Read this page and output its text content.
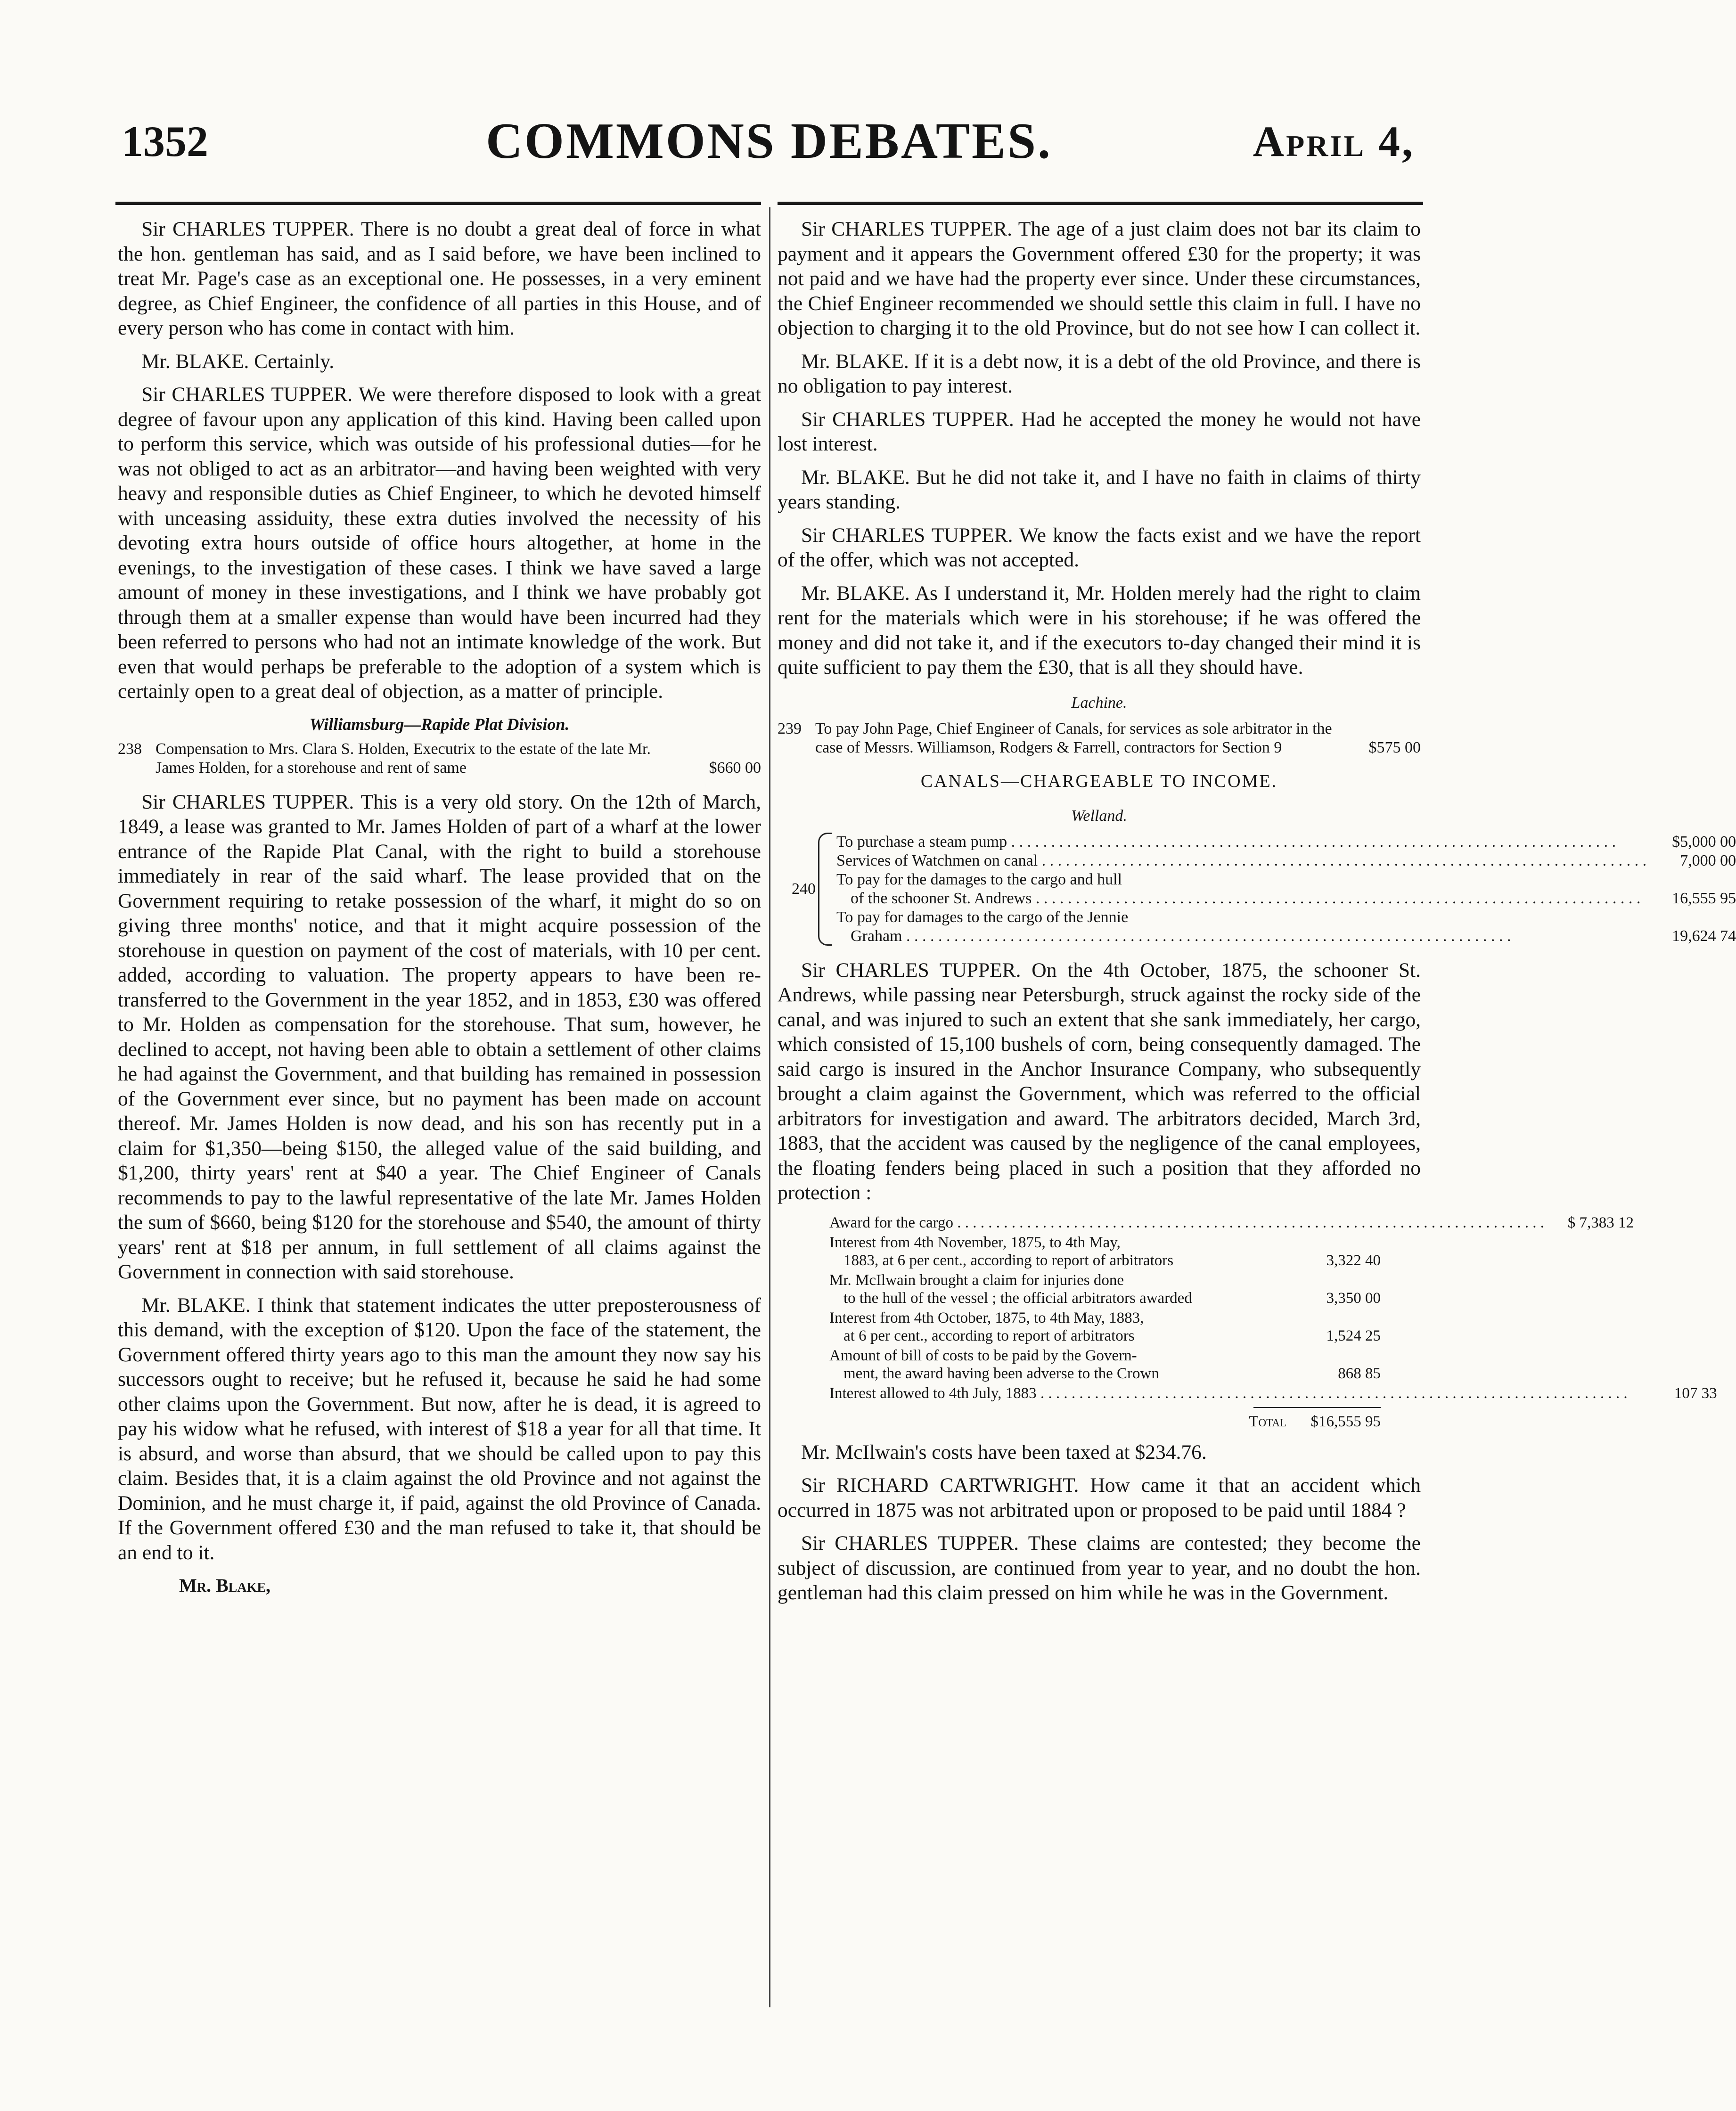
1352	COMMONS DEBATES.	April 4,

Sir CHARLES TUPPER. There is no doubt a great deal of force in what the hon. gentleman has said, and as I said before, we have been inclined to treat Mr. Page's case as an exceptional one. He possesses, in a very eminent degree, as Chief Engineer, the confidence of all parties in this House, and of every person who has come in contact with him.

Mr. BLAKE. Certainly.

Sir CHARLES TUPPER. We were therefore disposed to look with a great degree of favour upon any application of this kind. Having been called upon to perform this service, which was outside of his professional duties—for he was not obliged to act as an arbitrator—and having been weighted with very heavy and responsible duties as Chief Engineer, to which he devoted himself with unceasing assiduity, these extra duties involved the necessity of his devoting extra hours outside of office hours altogether, at home in the evenings, to the investigation of these cases. I think we have saved a large amount of money in these investigations, and I think we have probably got through them at a smaller expense than would have been incurred had they been referred to persons who had not an intimate knowledge of the work. But even that would perhaps be preferable to the adoption of a system which is certainly open to a great deal of objection, as a matter of principle.

Williamsburg—Rapide Plat Division.
238 Compensation to Mrs. Clara S. Holden, Executrix to the estate of the late Mr. James Holden, for a storehouse and rent of same	$660 00

Sir CHARLES TUPPER. This is a very old story. On the 12th of March, 1849, a lease was granted to Mr. James Holden of part of a wharf at the lower entrance of the Rapide Plat Canal, with the right to build a storehouse immediately in rear of the said wharf. The lease provided that on the Government requiring to retake possession of the wharf, it might do so on giving three months' notice, and that it might acquire possession of the storehouse in question on payment of the cost of materials, with 10 per cent. added, according to valuation. The property appears to have been re-transferred to the Government in the year 1852, and in 1853, £30 was offered to Mr. Holden as compensation for the storehouse. That sum, however, he declined to accept, not having been able to obtain a settlement of other claims he had against the Government, and that building has remained in possession of the Government ever since, but no payment has been made on account thereof. Mr. James Holden is now dead, and his son has recently put in a claim for $1,350—being $150, the alleged value of the said building, and $1,200, thirty years' rent at $40 a year. The Chief Engineer of Canals recommends to pay to the lawful representative of the late Mr. James Holden the sum of $660, being $120 for the storehouse and $540, the amount of thirty years' rent at $18 per annum, in full settlement of all claims against the Government in connection with said storehouse.

Mr. BLAKE. I think that statement indicates the utter preposterousness of this demand, with the exception of $120. Upon the face of the statement, the Government offered thirty years ago to this man the amount they now say his successors ought to receive; but he refused it, because he said he had some other claims upon the Government. But now, after he is dead, it is agreed to pay his widow what he refused, with interest of $18 a year for all that time. It is absurd, and worse than absurd, that we should be called upon to pay this claim. Besides that, it is a claim against the old Province and not against the Dominion, and he must charge it, if paid, against the old Province of Canada. If the Government offered £30 and the man refused to take it, that should be an end to it.

Mr. Blake,

Sir CHARLES TUPPER. The age of a just claim does not bar its claim to payment and it appears the Government offered £30 for the property; it was not paid and we have had the property ever since. Under these circumstances, the Chief Engineer recommended we should settle this claim in full. I have no objection to charging it to the old Province, but do not see how I can collect it.

Mr. BLAKE. If it is a debt now, it is a debt of the old Province, and there is no obligation to pay interest.

Sir CHARLES TUPPER. Had he accepted the money he would not have lost interest.

Mr. BLAKE. But he did not take it, and I have no faith in claims of thirty years standing.

Sir CHARLES TUPPER. We know the facts exist and we have the report of the offer, which was not accepted.

Mr. BLAKE. As I understand it, Mr. Holden merely had the right to claim rent for the materials which were in his storehouse; if he was offered the money and did not take it, and if the executors to-day changed their mind it is quite sufficient to pay them the £30, that is all they should have.

Lachine.
239 To pay John Page, Chief Engineer of Canals, for services as sole arbitrator in the case of Messrs. Williamson, Rodgers & Farrell, contractors for Section 9	$575 00
CANALS—CHARGEABLE TO INCOME.
Welland.
240
To purchase a steam pump . . .	$5,000 00
Services of Watchmen on canal . . .	7,000 00
To pay for the damages to the cargo and hull
of the schooner St. Andrews . . .	16,555 95
To pay for damages to the cargo of the Jennie
Graham . . .	19,624 74

Sir CHARLES TUPPER. On the 4th October, 1875, the schooner St. Andrews, while passing near Petersburgh, struck against the rocky side of the canal, and was injured to such an extent that she sank immediately, her cargo, which consisted of 15,100 bushels of corn, being consequently damaged. The said cargo is insured in the Anchor Insurance Company, who subsequently brought a claim against the Government, which was referred to the official arbitrators for investigation and award. The arbitrators decided, March 3rd, 1883, that the accident was caused by the negligence of the canal employees, the floating fenders being placed in such a position that they afforded no protection :

Award for the cargo . . .	$ 7,383 12
Interest from 4th November, 1875, to 4th May,
1883, at 6 per cent., according to report of arbitrators	3,322 40
Mr. McIlwain brought a claim for injuries done
to the hull of the vessel ; the official arbitrators awarded	3,350 00
Interest from 4th October, 1875, to 4th May, 1883,
at 6 per cent., according to report of arbitrators	1,524 25
Amount of bill of costs to be paid by the Govern-
ment, the award having been adverse to the Crown	868 85
Interest allowed to 4th July, 1883 . . .	107 33
Total	$16,555 95

Mr. McIlwain's costs have been taxed at $234.76.

Sir RICHARD CARTWRIGHT. How came it that an accident which occurred in 1875 was not arbitrated upon or proposed to be paid until 1884 ?

Sir CHARLES TUPPER. These claims are contested; they become the subject of discussion, are continued from year to year, and no doubt the hon. gentleman had this claim pressed on him while he was in the Government.
